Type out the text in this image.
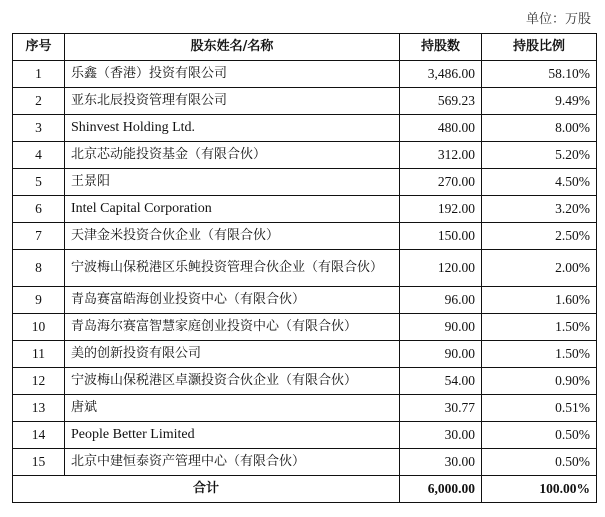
单位：万股
序号	股东姓名/名称	持股数	持股比例
1	乐鑫（香港）投资有限公司	3,486.00	58.10%
2	亚东北辰投资管理有限公司	569.23	9.49%
3	Shinvest Holding Ltd.	480.00	8.00%
4	北京芯动能投资基金（有限合伙）	312.00	5.20%
5	王景阳	270.00	4.50%
6	Intel Capital Corporation	192.00	3.20%
7	天津金米投资合伙企业（有限合伙）	150.00	2.50%
8	宁波梅山保税港区乐鲀投资管理合伙企业（有限合伙）	120.00	2.00%
9	青岛赛富皓海创业投资中心（有限合伙）	96.00	1.60%
10	青岛海尔赛富智慧家庭创业投资中心（有限合伙）	90.00	1.50%
11	美的创新投资有限公司	90.00	1.50%
12	宁波梅山保税港区卓灏投资合伙企业（有限合伙）	54.00	0.90%
13	唐斌	30.77	0.51%
14	People Better Limited	30.00	0.50%
15	北京中建恒泰资产管理中心（有限合伙）	30.00	0.50%
合计		6,000.00	100.00%
